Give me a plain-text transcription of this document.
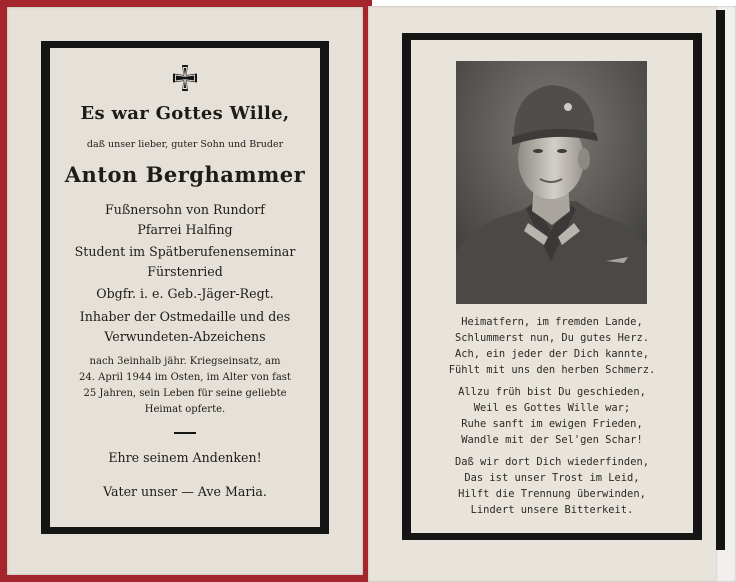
Es war Gottes Wille,
daß unser lieber, guter Sohn und Bruder
Anton Berghammer
Fußnersohn von Rundorf
Pfarrei Halfing
Student im Spätberufenenseminar
Fürstenried
Obgfr. i. e. Geb.-Jäger-Regt.
Inhaber der Ostmedaille und des
Verwundeten-Abzeichens
nach 3einhalb jähr. Kriegseinsatz, am
24. April 1944 im Osten, im Alter von fast
25 Jahren, sein Leben für seine geliebte
Heimat opferte.
Ehre seinem Andenken!
Vater unser — Ave Maria.
Heimatfern, im fremden Lande,
Schlummerst nun, Du gutes Herz.
Ach, ein jeder der Dich kannte,
Fühlt mit uns den herben Schmerz.
Allzu früh bist Du geschieden,
Weil es Gottes Wille war;
Ruhe sanft im ewigen Frieden,
Wandle mit der Sel'gen Schar!
Daß wir dort Dich wiederfinden,
Das ist unser Trost im Leid,
Hilft die Trennung überwinden,
Lindert unsere Bitterkeit.
